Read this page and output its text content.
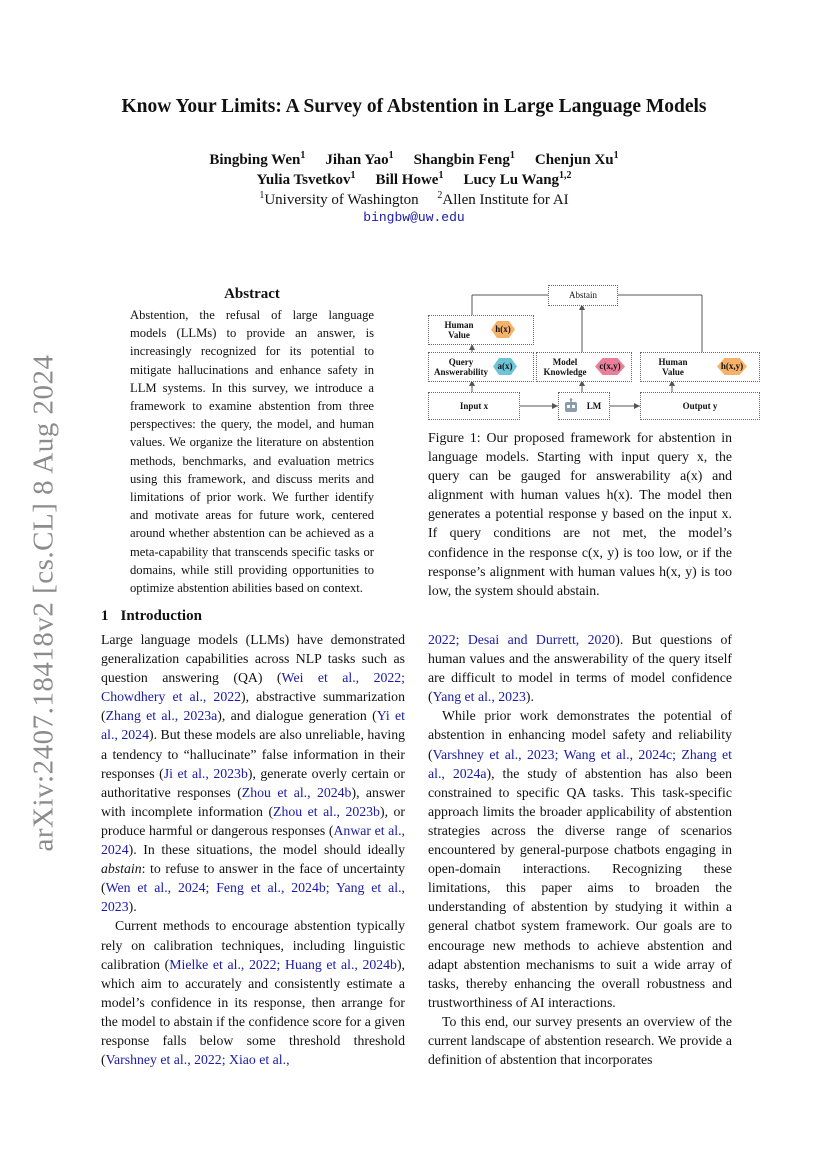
Know Your Limits: A Survey of Abstention in Large Language Models
Bingbing Wen$^1$ Jihan Yao$^1$ Shangbin Feng$^1$ Chenjun Xu$^1$
Yulia Tsvetkov$^1$ Bill Howe$^1$ Lucy Lu Wang$^{1,2}$
$^1$University of Washington $^2$Allen Institute for AI
bingbw@uw.edu
arXiv:2407.18418v2 [cs.CL] 8 Aug 2024
Abstract
Abstention, the refusal of large language models (LLMs) to provide an answer, is increasingly recognized for its potential to mitigate hallucinations and enhance safety in LLM systems. In this survey, we introduce a framework to examine abstention from three perspectives: the query, the model, and human values. We organize the literature on abstention methods, benchmarks, and evaluation metrics using this framework, and discuss merits and limitations of prior work. We further identify and motivate areas for future work, centered around whether abstention can be achieved as a meta-capability that transcends specific tasks or domains, while still providing opportunities to optimize abstention abilities based on context.
Abstain
Human Value
h(x)
Query Answerability
a(x)	Model Knowledge
c(x,y)	Human Value
h(x,y)
Input x	LM	Output y
Figure 1: Our proposed framework for abstention in language models. Starting with input query x, the query can be gauged for answerability a(x) and alignment with human values h(x). The model then generates a potential response y based on the input x. If query conditions are not met, the model’s confidence in the response c(x, y) is too low, or if the response’s alignment with human values h(x, y) is too low, the system should abstain.
1 Introduction

Large language models (LLMs) have demonstrated generalization capabilities across NLP tasks such as question answering (QA) (Wei et al., 2022; Chowdhery et al., 2022), abstractive summarization (Zhang et al., 2023a), and dialogue generation (Yi et al., 2024). But these models are also unreliable, having a tendency to “hallucinate” false information in their responses (Ji et al., 2023b), generate overly certain or authoritative responses (Zhou et al., 2024b), answer with incomplete information (Zhou et al., 2023b), or produce harmful or dangerous responses (Anwar et al., 2024). In these situations, the model should ideally abstain: to refuse to answer in the face of uncertainty (Wen et al., 2024; Feng et al., 2024b; Yang et al., 2023).

Current methods to encourage abstention typically rely on calibration techniques, including linguistic calibration (Mielke et al., 2022; Huang et al., 2024b), which aim to accurately and consistently estimate a model’s confidence in its response, then arrange for the model to abstain if the confidence score for a given response falls below some threshold threshold (Varshney et al., 2022; Xiao et al.,

2022; Desai and Durrett, 2020). But questions of human values and the answerability of the query itself are difficult to model in terms of model confidence (Yang et al., 2023).

While prior work demonstrates the potential of abstention in enhancing model safety and reliability (Varshney et al., 2023; Wang et al., 2024c; Zhang et al., 2024a), the study of abstention has also been constrained to specific QA tasks. This task-specific approach limits the broader applicability of abstention strategies across the diverse range of scenarios encountered by general-purpose chatbots engaging in open-domain interactions. Recognizing these limitations, this paper aims to broaden the understanding of abstention by studying it within a general chatbot system framework. Our goals are to encourage new methods to achieve abstention and adapt abstention mechanisms to suit a wide array of tasks, thereby enhancing the overall robustness and trustworthiness of AI interactions.

To this end, our survey presents an overview of the current landscape of abstention research. We provide a definition of abstention that incorporates
